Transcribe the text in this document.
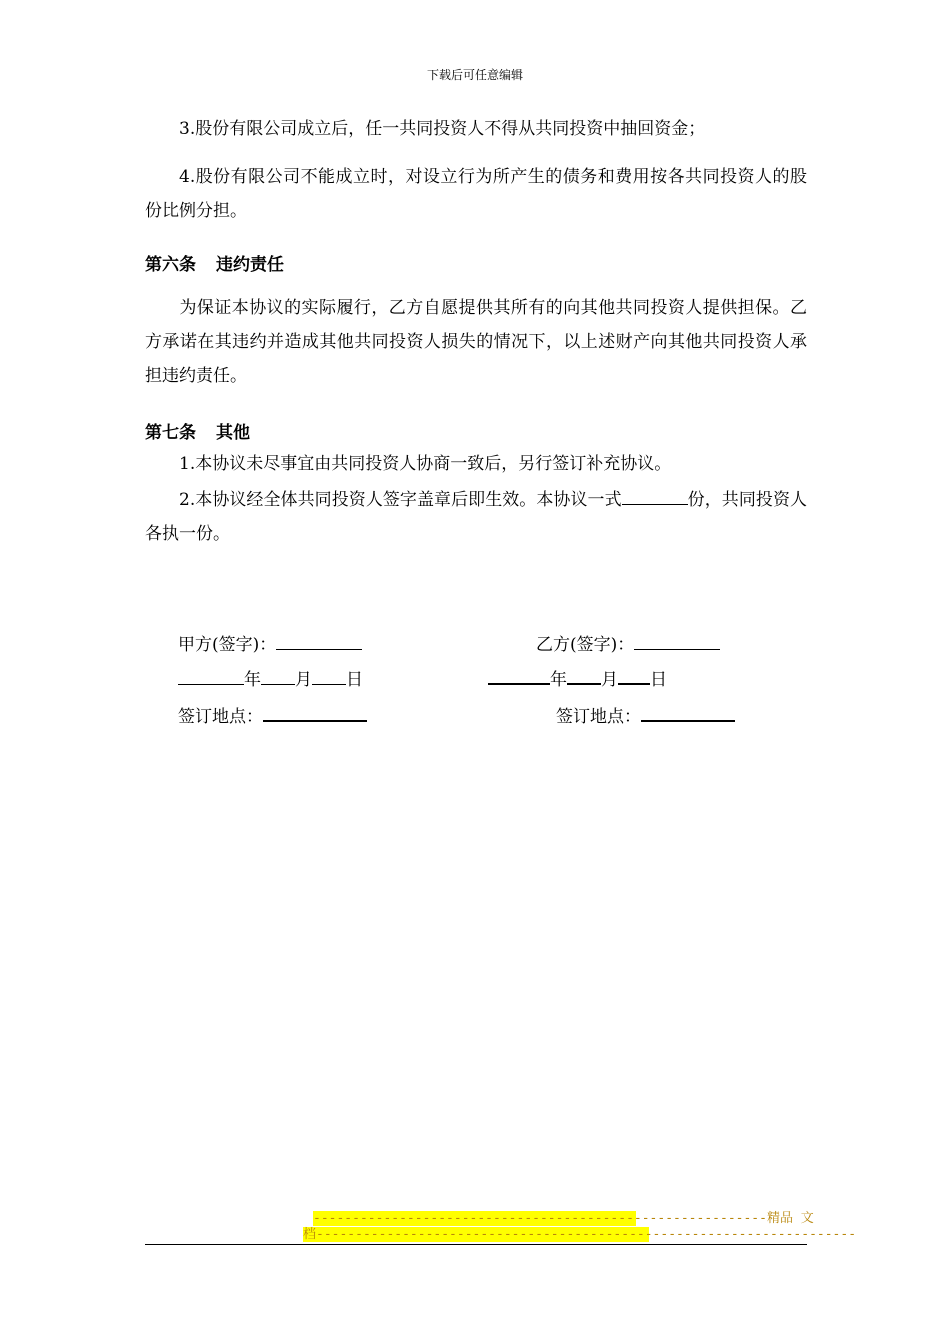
下载后可任意编辑

3.股份有限公司成立后，任一共同投资人不得从共同投资中抽回资金；

4.股份有限公司不能成立时，对设立行为所产生的债务和费用按各共同投资人的股份比例分担。

第六条 违约责任

为保证本协议的实际履行，乙方自愿提供其所有的向其他共同投资人提供担保。乙方承诺在其违约并造成其他共同投资人损失的情况下，以上述财产向其他共同投资人承担违约责任。

第七条 其他

1.本协议未尽事宜由共同投资人协商一致后，另行签订补充协议。

2.本协议经全体共同投资人签字盖章后即生效。本协议一式	份，共同投资人各执一份。

甲方(签字)：	乙方(签字)：
年 月 日	年 月 日
签订地点：	签订地点：
----------------------------------------------------------精品 文
档---------------------------------------------------------------------
